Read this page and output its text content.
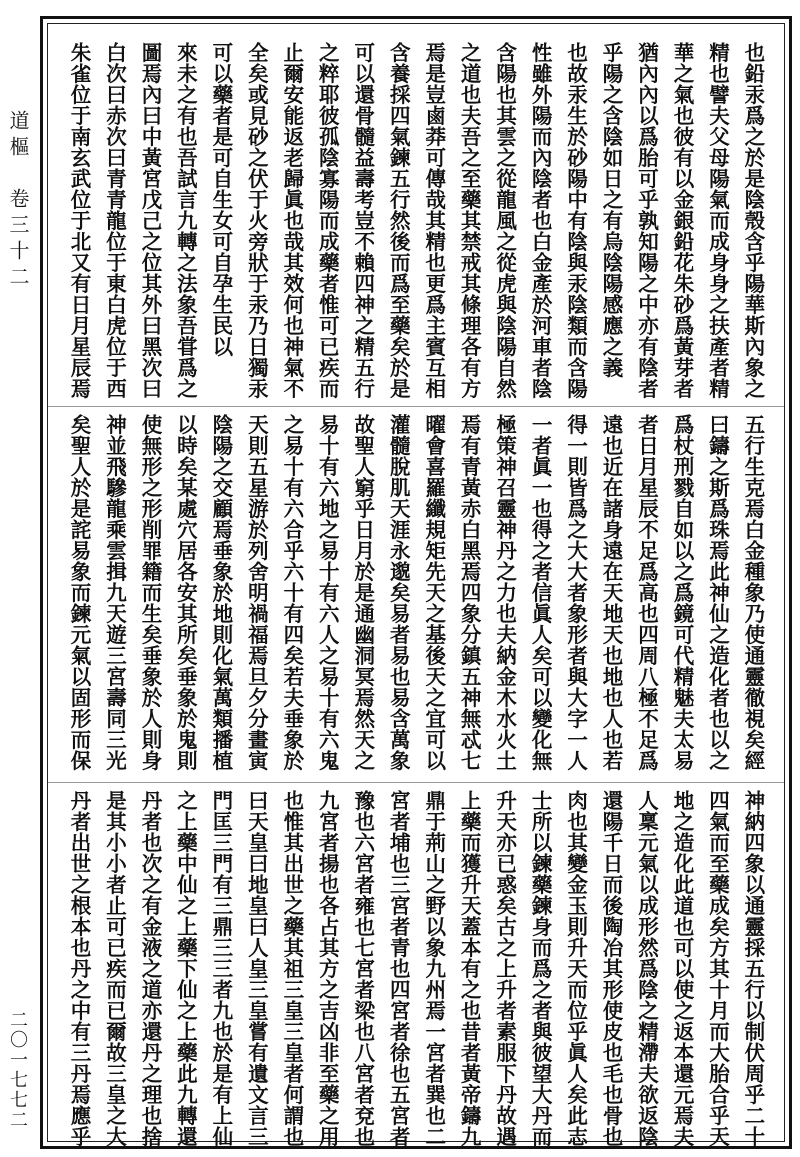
道樞　卷三十二
二〇一七七二
也鉛汞爲之於是陰殼含乎陽華斯內象之
精也譬夫父母陽氣而成身身之扶產者精
華之氣也彼有以金銀鉛花朱砂爲黃芽者
猶內內以爲胎可乎孰知陽之中亦有陰者
乎陽之含陰如日之有烏陰陽感應之義
也故汞生於砂陽中有陰與汞陰類而含陽
性雖外陽而內陰者也白金產於河車者陰
含陽也其雲之從龍風之從虎與陰陽自然
之道也夫吾之至藥其禁戒其條理各有方
焉是豈鹵莽可傳哉其精也更爲主賓互相
含養採四氣鍊五行然後而爲至藥矣於是
可以還骨髓益壽考豈不賴四神之精五行
之粹耶彼孤陰寡陽而成藥者惟可已疾而
止爾安能返老歸眞也哉其效何也神氣不
全矣或見砂之伏于火旁狀于汞乃日獨汞
可以藥者是可自生女可自孕生民以
來未之有也吾試言九轉之法象吾甞爲之
圖焉內曰中黃宮戊己之位其外曰黑次曰
白次曰赤次曰青青龍位于東白虎位于西
朱雀位于南玄武位于北又有日月星辰焉
五行生克焉白金種象乃使通靈徹視矣經
曰鑄之斯爲珠焉此神仙之造化者也以之
爲杖刑戮自如以之爲鏡可代精魅夫太易
者日月星辰不足爲高也四周八極不足爲
遠也近在諸身遠在天地天也地也人也若
得一則皆爲之大大者象形者與大字一人
一者眞一也得之者信眞人矣可以變化無
極策神召靈神丹之力也夫納金木水火土
焉有青黃赤白黑焉四象分鎮五神無忒七
曜會喜羅纖規矩先天之基後天之宜可以
灌髓脫肌天涯永邈矣易者易也易含萬象
故聖人窮乎日月於是通幽洞冥焉然天之
易十有六地之易十有六人之易十有六鬼
之易十有六合乎六十有四矣若夫垂象於
天則五星游於列舍明禍福焉旦夕分畫寅
陰陽之交顧焉垂象於地則化氣萬類播植
以時矣某處穴居各安其所矣垂象於鬼則
使無形之形削罪籍而生矣垂象於人則身
神並飛驂龍乘雲揖九天遊三宮壽同三光
矣聖人於是詫易象而鍊元氣以固形而保
神納四象以通靈採五行以制伏周乎二十
四氣而至藥成矣方其十月而大胎合乎天
地之造化此道也可以使之返本還元焉夫
人稟元氣以成形然爲陰之精滯夫欲返陰
還陽千日而後陶冶其形使皮也毛也骨也
肉也其變金玉則升天而位乎眞人矣此志
士所以鍊藥鍊身而爲之者與彼望大丹而
升天亦已惑矣古之上升者素服下丹故遇
上藥而獲升天蓋本有之也昔者黃帝鑄九
鼎于荊山之野以象九州焉一宮者巽也二
宮者埔也三宮者青也四宮者徐也五宮者
豫也六宮者雍也七宮者梁也八宮者兗也
九宮者揚也各占其方之吉凶非至藥之用
也惟其出世之藥其祖三皇三皇者何謂也
曰天皇曰地皇曰人皇三皇嘗有遺文言三
門匡三門有三鼎三三者九也於是有上仙
之上藥中仙之上藥下仙之上藥此九轉還
丹者也次之有金液之道亦還丹之理也捨
是其小小者止可已疾而已爾故三皇之大
丹者出世之根本也丹之中有三丹焉應乎
